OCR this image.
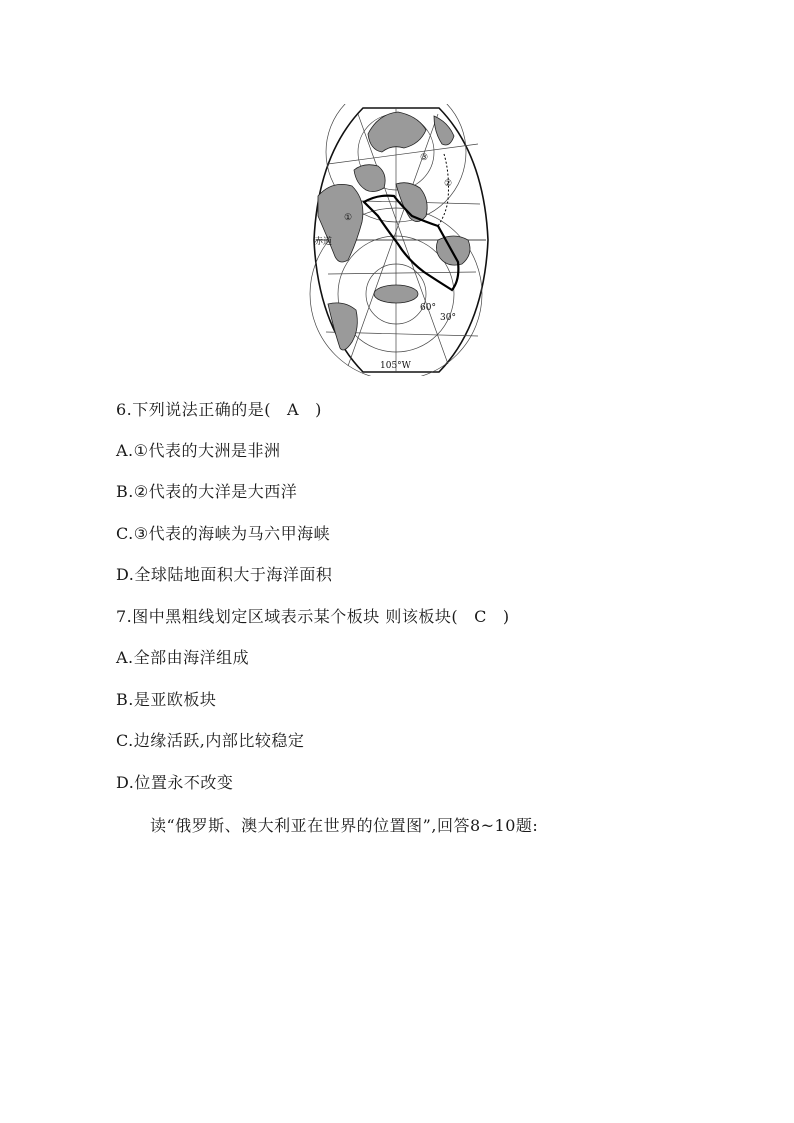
赤道
60°
30°
105°W
①
②
③
6.下列说法正确的是( A )
A.①代表的大洲是非洲
B.②代表的大洋是大西洋
C.③代表的海峡为马六甲海峡
D.全球陆地面积大于海洋面积
7.图中黑粗线划定区域表示某个板块 则该板块( C )
A.全部由海洋组成
B.是亚欧板块
C.边缘活跃,内部比较稳定
D.位置永不改变
读“俄罗斯、澳大利亚在世界的位置图”,回答8~10题:
